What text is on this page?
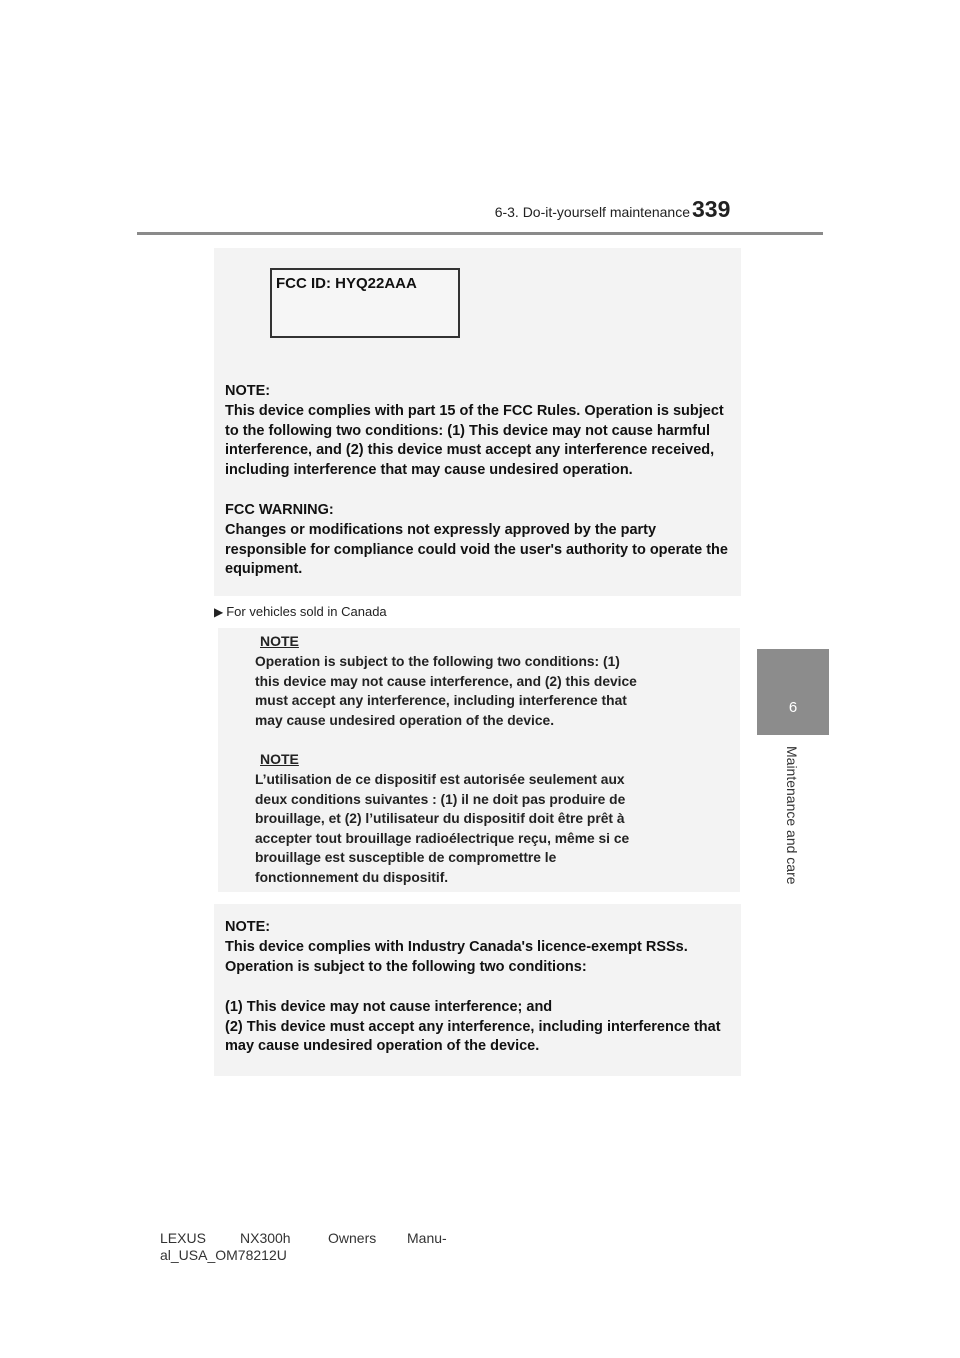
6-3. Do-it-yourself maintenance 339
6
Maintenance and care
FCC ID: HYQ22AAA
NOTE:
This device complies with part 15 of the FCC Rules. Operation is subject
to the following two conditions: (1) This device may not cause harmful
interference, and (2) this device must accept any interference received,
including interference that may cause undesired operation.
FCC WARNING:
Changes or modifications not expressly approved by the party
responsible for compliance could void the user's authority to operate the
equipment.
▶ For vehicles sold in Canada
NOTE
Operation is subject to the following two conditions: (1)
this device may not cause interference, and (2) this device
must accept any interference, including interference that
may cause undesired operation of the device.
NOTE
L’utilisation de ce dispositif est autorisée seulement aux
deux conditions suivantes : (1) il ne doit pas produire de
brouillage, et (2) l’utilisateur du dispositif doit être prêt à
accepter tout brouillage radioélectrique reçu, même si ce
brouillage est susceptible de compromettre le
fonctionnement du dispositif.
NOTE:
This device complies with Industry Canada's licence-exempt RSSs.
Operation is subject to the following two conditions:
(1) This device may not cause interference; and
(2) This device must accept any interference, including interference that
may cause undesired operation of the device.
LEXUS NX300h	Owners Manu-
al_USA_OM78212U
